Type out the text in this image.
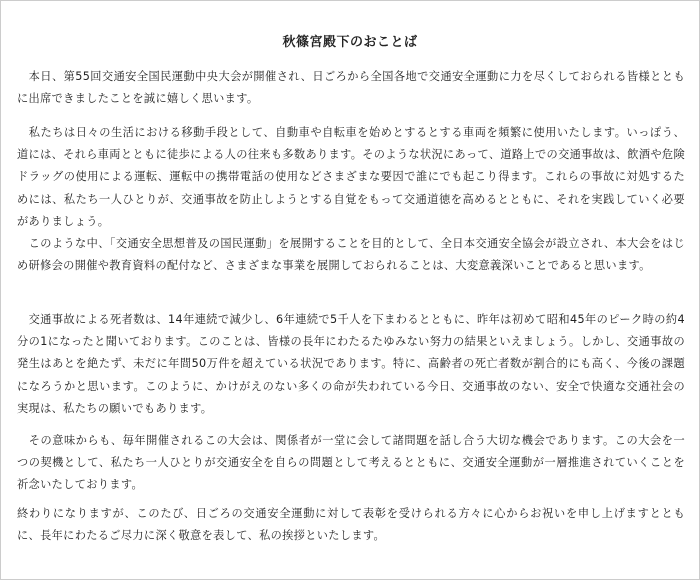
秋篠宮殿下のおことば

　本日、第55回交通安全国民運動中央大会が開催され、日ごろから全国各地で交通安全運動に力を尽くしておられる皆様とともに出席できましたことを誠に嬉しく思います。

　私たちは日々の生活における移動手段として、自動車や自転車を始めとするとする車両を頻繁に使用いたします。いっぽう、道には、それら車両とともに徒歩による人の往来も多数あります。そのような状況にあって、道路上での交通事故は、飲酒や危険ドラッグの使用による運転、運転中の携帯電話の使用などさまざまな要因で誰にでも起こり得ます。これらの事故に対処するためには、私たち一人ひとりが、交通事故を防止しようとする自覚をもって交通道徳を高めるとともに、それを実践していく必要がありましょう。

　このような中、「交通安全思想普及の国民運動」を展開することを目的として、全日本交通安全協会が設立され、本大会をはじめ研修会の開催や教育資料の配付など、さまざまな事業を展開しておられることは、大変意義深いことであると思います。

　交通事故による死者数は、14年連続で減少し、6年連続で5千人を下まわるとともに、昨年は初めて昭和45年のピーク時の約4分の1になったと聞いております。このことは、皆様の長年にわたるたゆみない努力の結果といえましょう。しかし、交通事故の発生はあとを絶たず、未だに年間50万件を超えている状況であります。特に、高齢者の死亡者数が割合的にも高く、今後の課題になろうかと思います。このように、かけがえのない多くの命が失われている今日、交通事故のない、安全で快適な交通社会の実現は、私たちの願いでもあります。

　その意味からも、毎年開催されるこの大会は、関係者が一堂に会して諸問題を話し合う大切な機会であります。この大会を一つの契機として、私たち一人ひとりが交通安全を自らの問題として考えるとともに、交通安全運動が一層推進されていくことを祈念いたしております。

終わりになりますが、このたび、日ごろの交通安全運動に対して表彰を受けられる方々に心からお祝いを申し上げますとともに、長年にわたるご尽力に深く敬意を表して、私の挨拶といたします。
